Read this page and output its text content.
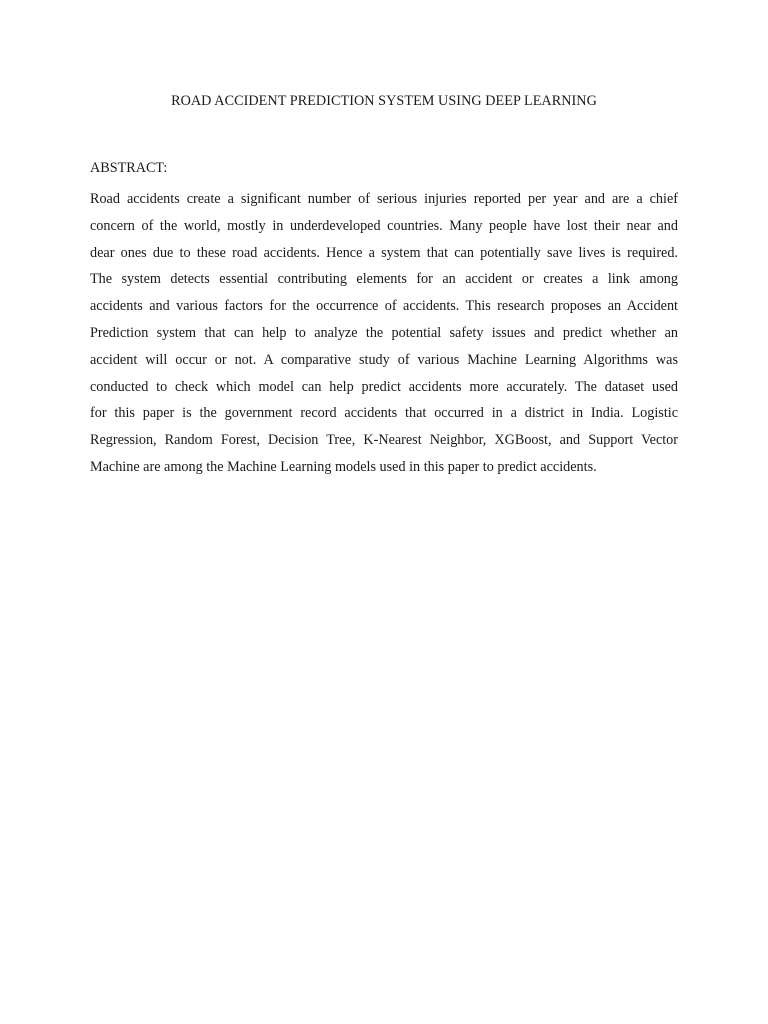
ROAD ACCIDENT PREDICTION SYSTEM USING DEEP LEARNING
ABSTRACT:
Road accidents create a significant number of serious injuries reported per year and are a chief
concern of the world, mostly in underdeveloped countries. Many people have lost their near and
dear ones due to these road accidents. Hence a system that can potentially save lives is required.
The system detects essential contributing elements for an accident or creates a link among
accidents and various factors for the occurrence of accidents. This research proposes an Accident
Prediction system that can help to analyze the potential safety issues and predict whether an
accident will occur or not. A comparative study of various Machine Learning Algorithms was
conducted to check which model can help predict accidents more accurately. The dataset used
for this paper is the government record accidents that occurred in a district in India. Logistic
Regression, Random Forest, Decision Tree, K-Nearest Neighbor, XGBoost, and Support Vector
Machine are among the Machine Learning models used in this paper to predict accidents.
